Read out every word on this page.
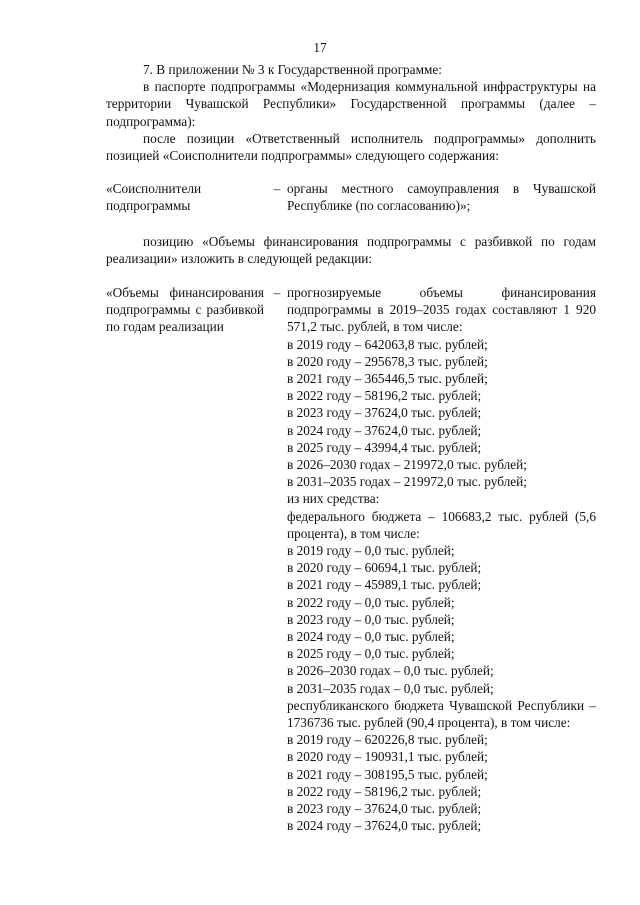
17

7. В приложении № 3 к Государственной программе:

в паспорте подпрограммы «Модернизация коммунальной инфраструктуры на территории Чувашской Республики» Государственной программы (далее – подпрограмма):

после позиции «Ответственный исполнитель подпрограммы» дополнить позицией «Соисполнители подпрограммы» следующего содержания:

«Соисполнители подпрограммы
– органы местного самоуправления в Чувашской Республике (по согласованию)»;

позицию «Объемы финансирования подпрограммы с разбивкой по годам реализации» изложить в следующей редакции:

«Объемы финансирования подпрограммы с разбивкой по годам реализации
– прогнозируемые объемы финансирования подпрограммы в 2019–2035 годах составляют 1 920 571,2 тыс. рублей, в том числе:
в 2019 году – 642063,8 тыс. рублей;
в 2020 году – 295678,3 тыс. рублей;
в 2021 году – 365446,5 тыс. рублей;
в 2022 году – 58196,2 тыс. рублей;
в 2023 году – 37624,0 тыс. рублей;
в 2024 году – 37624,0 тыс. рублей;
в 2025 году – 43994,4 тыс. рублей;
в 2026–2030 годах – 219972,0 тыс. рублей;
в 2031–2035 годах – 219972,0 тыс. рублей;
из них средства:
федерального бюджета – 106683,2 тыс. рублей (5,6 процента), в том числе:
в 2019 году – 0,0 тыс. рублей;
в 2020 году – 60694,1 тыс. рублей;
в 2021 году – 45989,1 тыс. рублей;
в 2022 году – 0,0 тыс. рублей;
в 2023 году – 0,0 тыс. рублей;
в 2024 году – 0,0 тыс. рублей;
в 2025 году – 0,0 тыс. рублей;
в 2026–2030 годах – 0,0 тыс. рублей;
в 2031–2035 годах – 0,0 тыс. рублей;
республиканского бюджета Чувашской Республики – 1736736 тыс. рублей (90,4 процента), в том числе:
в 2019 году – 620226,8 тыс. рублей;
в 2020 году – 190931,1 тыс. рублей;
в 2021 году – 308195,5 тыс. рублей;
в 2022 году – 58196,2 тыс. рублей;
в 2023 году – 37624,0 тыс. рублей;
в 2024 году – 37624,0 тыс. рублей;
